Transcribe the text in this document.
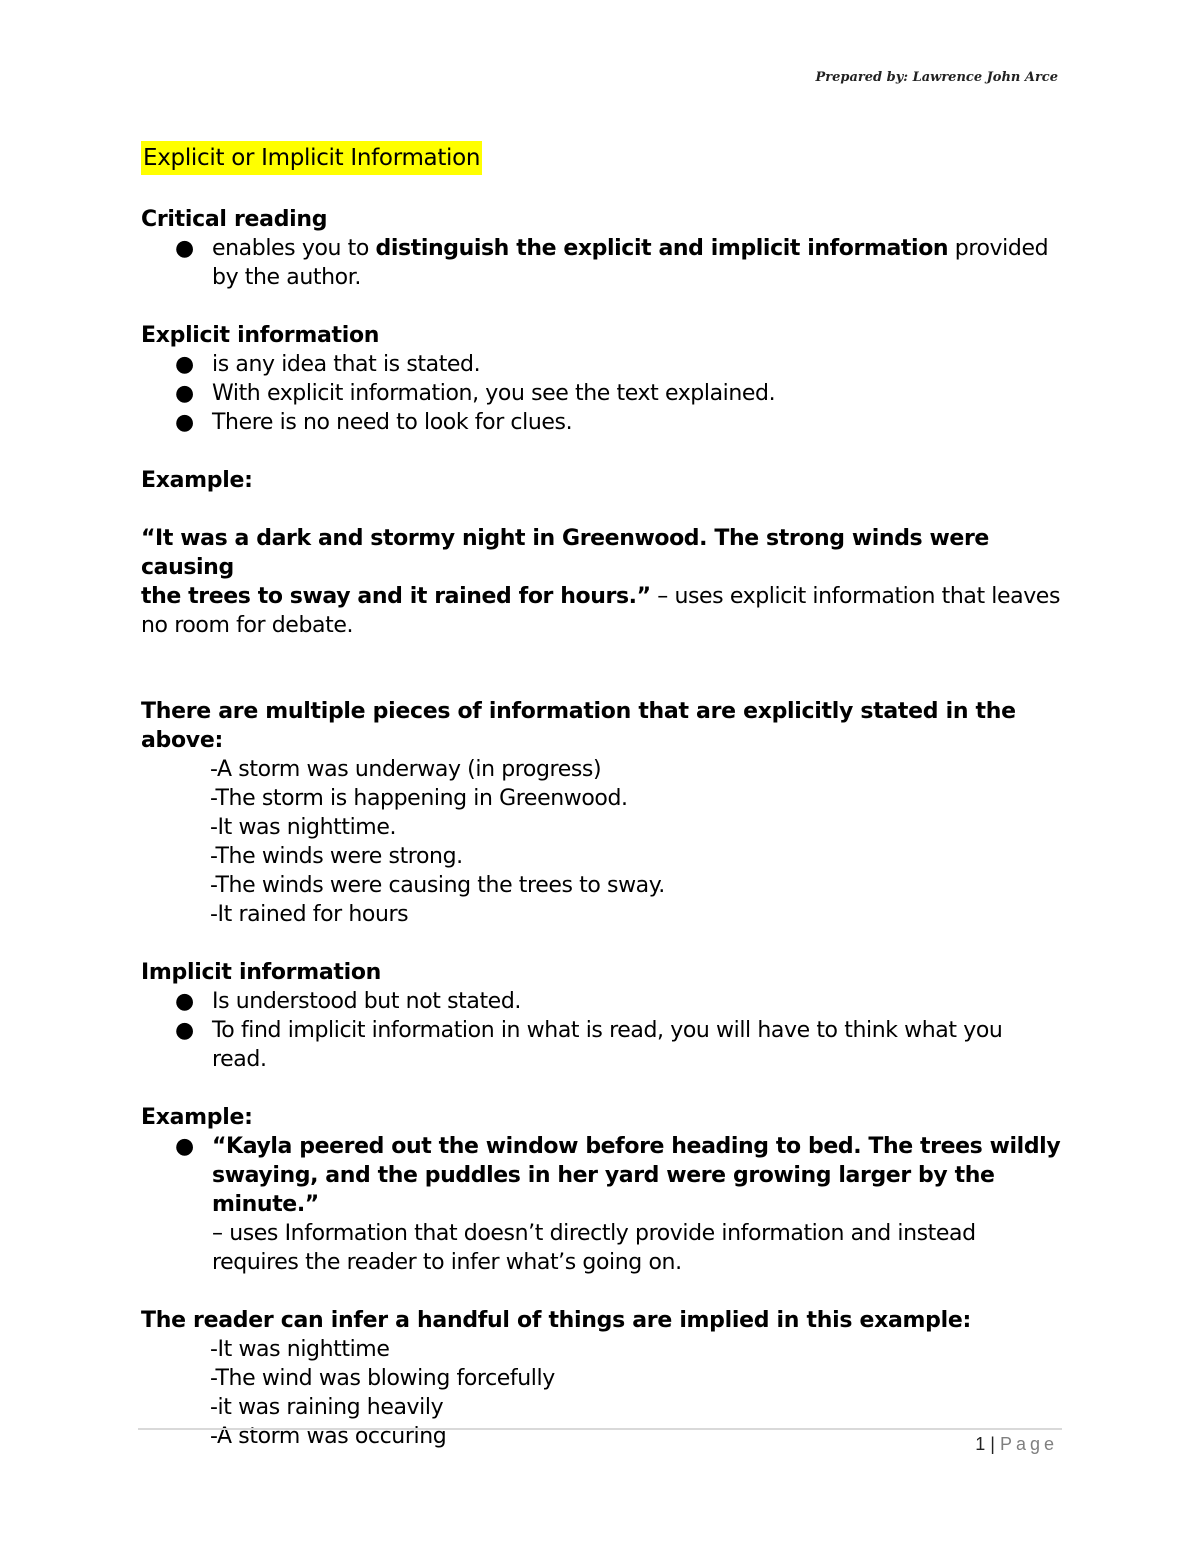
Prepared by: Lawrence John Arce
Explicit or Implicit Information

Critical reading

● enables you to distinguish the explicit and implicit information provided
by the author.

Explicit information

● is any idea that is stated.
● With explicit information, you see the text explained.
● There is no need to look for clues.

Example:

“It was a dark and stormy night in Greenwood. The strong winds were causing
the trees to sway and it rained for hours.” – uses explicit information that leaves
no room for debate.

There are multiple pieces of information that are explicitly stated in the above:

-A storm was underway (in progress)
-The storm is happening in Greenwood.
-It was nighttime.
-The winds were strong.
-The winds were causing the trees to sway.
-It rained for hours

Implicit information

● Is understood but not stated.
● To find implicit information in what is read, you will have to think what you
read.

Example:

● “Kayla peered out the window before heading to bed. The trees wildly
swaying, and the puddles in her yard were growing larger by the minute.”
– uses Information that doesn’t directly provide information and instead
requires the reader to infer what’s going on.

The reader can infer a handful of things are implied in this example:

-It was nighttime
-The wind was blowing forcefully
-it was raining heavily
-A storm was occuring	1 | Page
